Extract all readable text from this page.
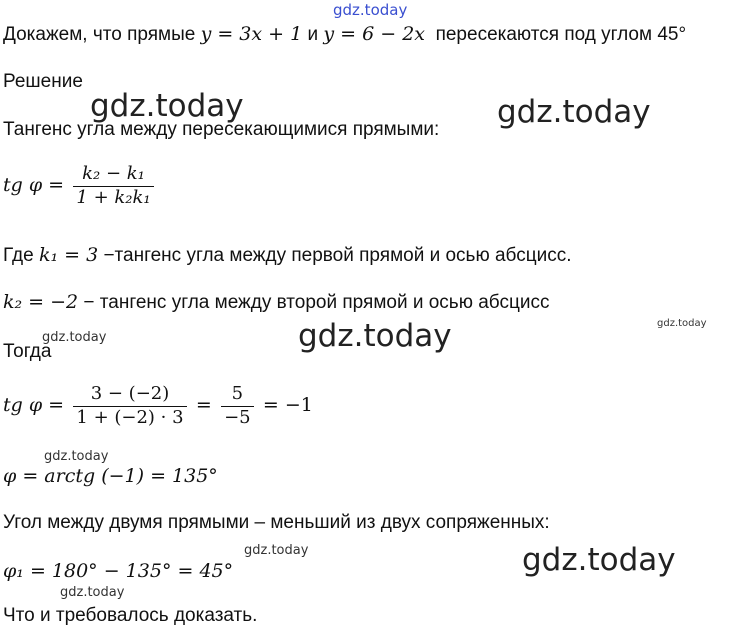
gdz.today
gdz.today	gdz.today
gdz.today
gdz.today
gdz.today
gdz.today
gdz.today
gdz.today
gdz.today
Докажем, что прямые y = 3x + 1 и y = 6 − 2x пересекаются под углом 45°
Решение
Тангенс угла между пересекающимися прямыми:
tg $\varphi = \frac{\text{k₂ − k₁}}{\text{1 + k₂k₁}}$
Где k₁ = 3 −тангенс угла между первой прямой и осью абсцисс.
k₂ = −2 − тангенс угла между второй прямой и осью абсцисс
Тогда
tg $\varphi = \frac{3 - (-2)}{1 + (-2) \cdot 3} = \frac{5}{-5} = -1$
φ = arctg (−1) = 135°
Угол между двумя прямыми – меньший из двух сопряженных:
φ₁ = 180° − 135° = 45°
Что и требовалось доказать.
